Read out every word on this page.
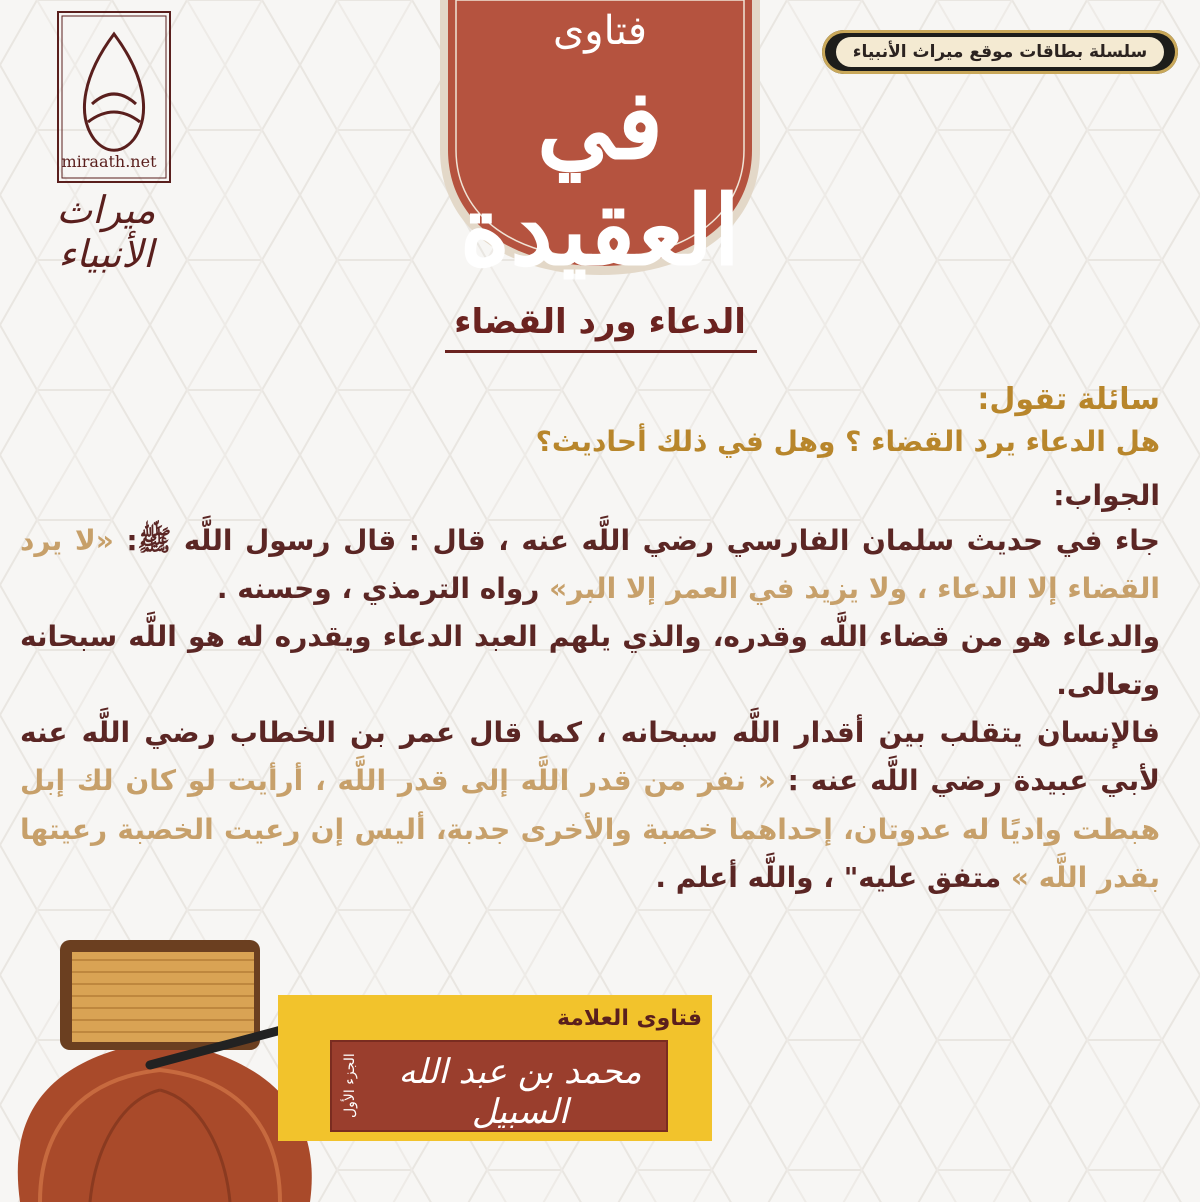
miraath.net
ميراث الأنبياء
سلسلة بطاقات موقع ميراث الأنبياء
فتاوى
في العقيدة
الدعاء ورد القضاء
سائلة تقول:
هل الدعاء يرد القضاء ؟ وهل في ذلك أحاديث؟
الجواب:
جاء في حديث سلمان الفارسي رضي اللَّه عنه ، قال : قال رسول اللَّه ﷺ: «لا يرد القضاء إلا الدعاء ، ولا يزيد في العمر إلا البر» رواه الترمذي ، وحسنه .
والدعاء هو من قضاء اللَّه وقدره، والذي يلهم العبد الدعاء ويقدره له هو اللَّه سبحانه وتعالى.
فالإنسان يتقلب بين أقدار اللَّه سبحانه ، كما قال عمر بن الخطاب رضي اللَّه عنه لأبي عبيدة رضي اللَّه عنه : « نفر من قدر اللَّه إلى قدر اللَّه ، أرأيت لو كان لك إبل هبطت واديًا له عدوتان، إحداهما خصبة والأخرى جدبة، أليس إن رعيت الخصبة رعيتها بقدر اللَّه » متفق عليه" ، واللَّه أعلم .
فتاوى العلامة
محمد بن عبد الله السبيل
الجزء الأول
